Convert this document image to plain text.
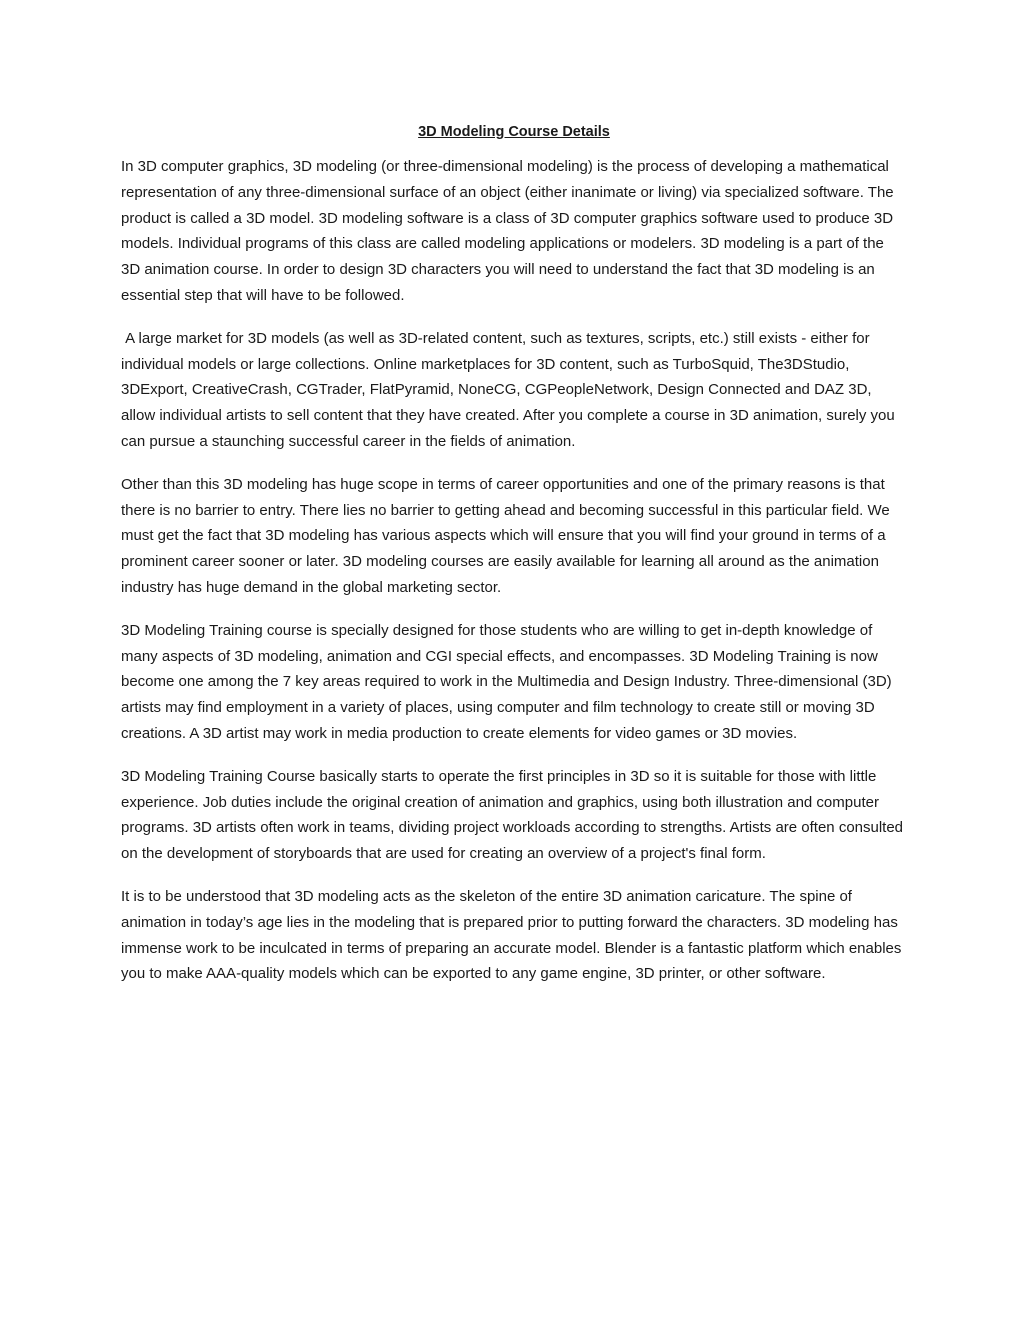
3D Modeling Course Details

In 3D computer graphics, 3D modeling (or three-dimensional modeling) is the process of developing a mathematical representation of any three-dimensional surface of an object (either inanimate or living) via specialized software. The product is called a 3D model. 3D modeling software is a class of 3D computer graphics software used to produce 3D models. Individual programs of this class are called modeling applications or modelers. 3D modeling is a part of the 3D animation course. In order to design 3D characters you will need to understand the fact that 3D modeling is an essential step that will have to be followed.

A large market for 3D models (as well as 3D-related content, such as textures, scripts, etc.) still exists - either for individual models or large collections. Online marketplaces for 3D content, such as TurboSquid, The3DStudio, 3DExport, CreativeCrash, CGTrader, FlatPyramid, NoneCG, CGPeopleNetwork, Design Connected and DAZ 3D, allow individual artists to sell content that they have created. After you complete a course in 3D animation, surely you can pursue a staunching successful career in the fields of animation.

Other than this 3D modeling has huge scope in terms of career opportunities and one of the primary reasons is that there is no barrier to entry. There lies no barrier to getting ahead and becoming successful in this particular field. We must get the fact that 3D modeling has various aspects which will ensure that you will find your ground in terms of a prominent career sooner or later. 3D modeling courses are easily available for learning all around as the animation industry has huge demand in the global marketing sector.

3D Modeling Training course is specially designed for those students who are willing to get in-depth knowledge of many aspects of 3D modeling, animation and CGI special effects, and encompasses. 3D Modeling Training is now become one among the 7 key areas required to work in the Multimedia and Design Industry. Three-dimensional (3D) artists may find employment in a variety of places, using computer and film technology to create still or moving 3D creations. A 3D artist may work in media production to create elements for video games or 3D movies.

3D Modeling Training Course basically starts to operate the first principles in 3D so it is suitable for those with little experience. Job duties include the original creation of animation and graphics, using both illustration and computer programs. 3D artists often work in teams, dividing project workloads according to strengths. Artists are often consulted on the development of storyboards that are used for creating an overview of a project's final form.

It is to be understood that 3D modeling acts as the skeleton of the entire 3D animation caricature. The spine of animation in today’s age lies in the modeling that is prepared prior to putting forward the characters. 3D modeling has immense work to be inculcated in terms of preparing an accurate model. Blender is a fantastic platform which enables you to make AAA-quality models which can be exported to any game engine, 3D printer, or other software.
